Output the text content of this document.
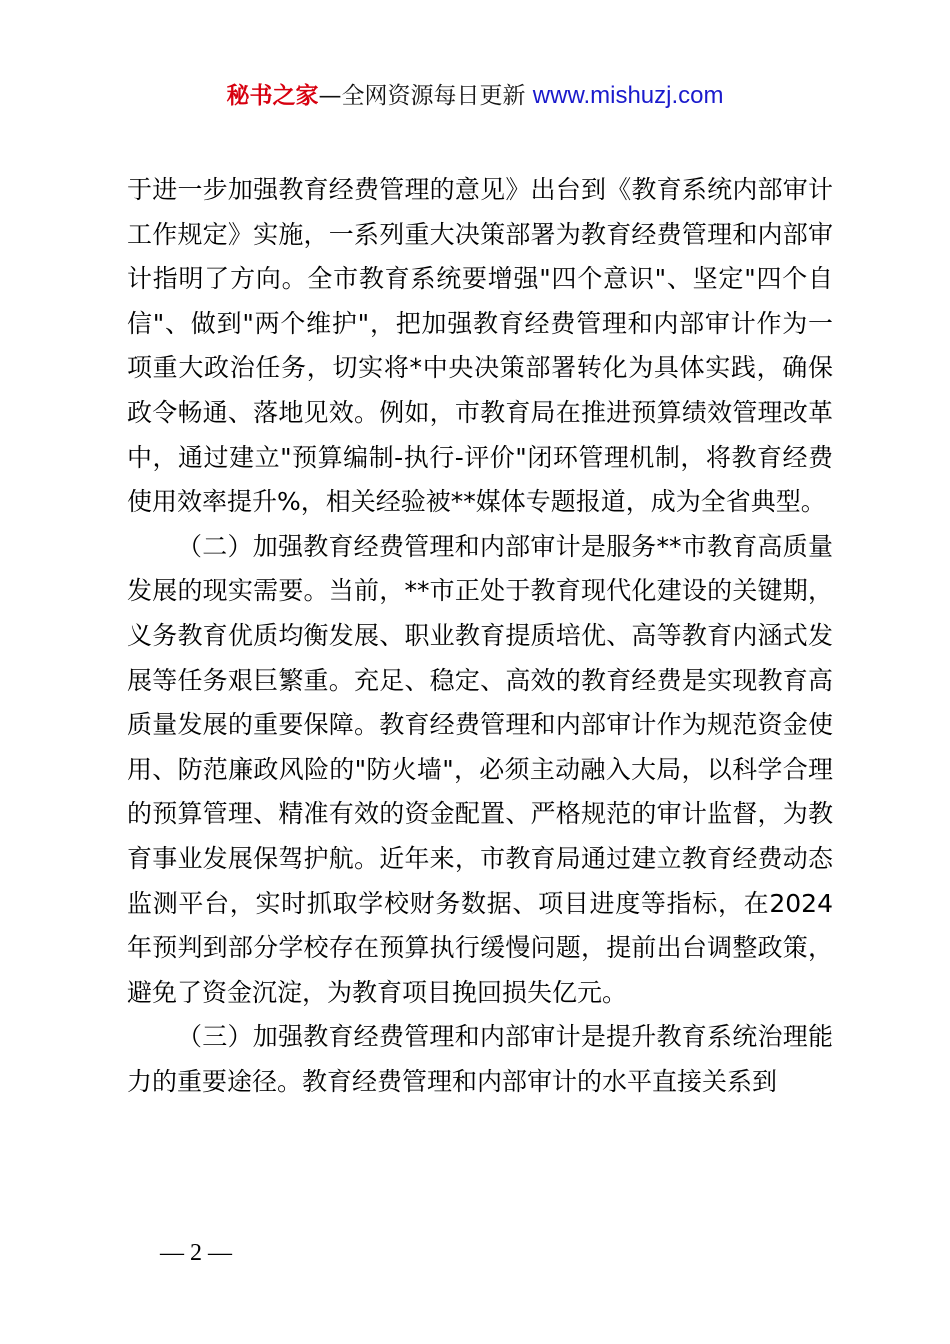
秘书之家—全网资源每日更新 www.mishuzj.com

于进一步加强教育经费管理的意见》出台到《教育系统内部审计工作规定》实施，一系列重大决策部署为教育经费管理和内部审计指明了方向。全市教育系统要增强"四个意识"、坚定"四个自信"、做到"两个维护"，把加强教育经费管理和内部审计作为一项重大政治任务，切实将*中央决策部署转化为具体实践，确保政令畅通、落地见效。例如，市教育局在推进预算绩效管理改革中，通过建立"预算编制-执行-评价"闭环管理机制，将教育经费使用效率提升%，相关经验被**媒体专题报道，成为全省典型。

（二）加强教育经费管理和内部审计是服务**市教育高质量发展的现实需要。当前，**市正处于教育现代化建设的关键期，义务教育优质均衡发展、职业教育提质培优、高等教育内涵式发展等任务艰巨繁重。充足、稳定、高效的教育经费是实现教育高质量发展的重要保障。教育经费管理和内部审计作为规范资金使用、防范廉政风险的"防火墙"，必须主动融入大局，以科学合理的预算管理、精准有效的资金配置、严格规范的审计监督，为教育事业发展保驾护航。近年来，市教育局通过建立教育经费动态监测平台，实时抓取学校财务数据、项目进度等指标，在2024年预判到部分学校存在预算执行缓慢问题，提前出台调整政策，避免了资金沉淀，为教育项目挽回损失亿元。

（三）加强教育经费管理和内部审计是提升教育系统治理能力的重要途径。教育经费管理和内部审计的水平直接关系到

— 2 —
